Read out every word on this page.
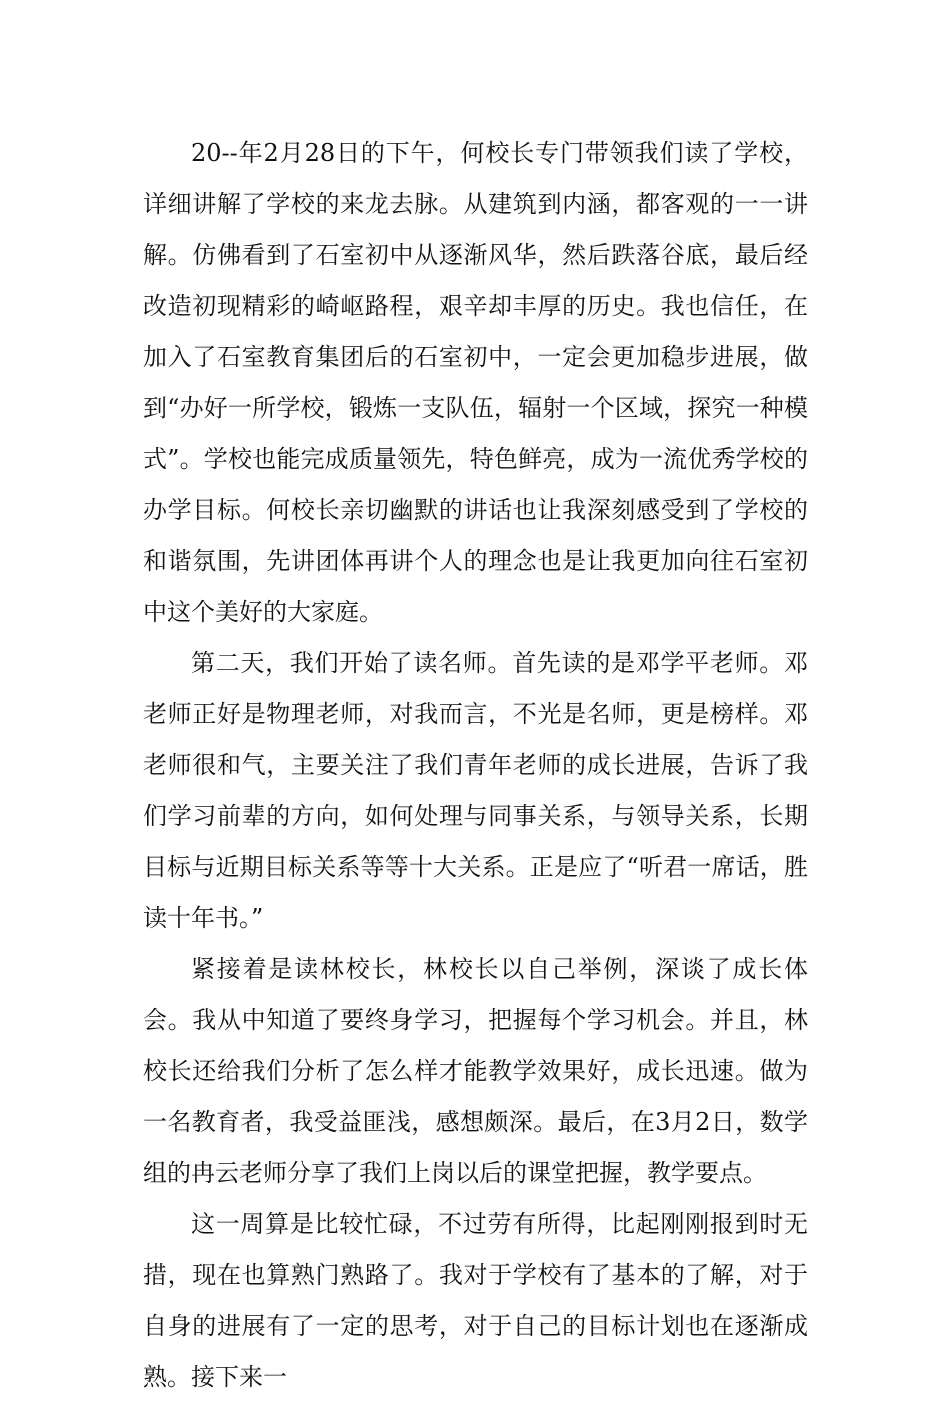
20--年2月28日的下午，何校长专门带领我们读了学校，详细讲解了学校的来龙去脉。从建筑到内涵，都客观的一一讲解。仿佛看到了石室初中从逐渐风华，然后跌落谷底，最后经改造初现精彩的崎岖路程，艰辛却丰厚的历史。我也信任，在加入了石室教育集团后的石室初中，一定会更加稳步进展，做到“办好一所学校，锻炼一支队伍，辐射一个区域，探究一种模式”。学校也能完成质量领先，特色鲜亮，成为一流优秀学校的办学目标。何校长亲切幽默的讲话也让我深刻感受到了学校的和谐氛围，先讲团体再讲个人的理念也是让我更加向往石室初中这个美好的大家庭。

第二天，我们开始了读名师。首先读的是邓学平老师。邓老师正好是物理老师，对我而言，不光是名师，更是榜样。邓老师很和气，主要关注了我们青年老师的成长进展，告诉了我们学习前辈的方向，如何处理与同事关系，与领导关系，长期目标与近期目标关系等等十大关系。正是应了“听君一席话，胜读十年书。”

紧接着是读林校长，林校长以自己举例，深谈了成长体会。我从中知道了要终身学习，把握每个学习机会。并且，林校长还给我们分析了怎么样才能教学效果好，成长迅速。做为一名教育者，我受益匪浅，感想颇深。最后，在3月2日，数学组的冉云老师分享了我们上岗以后的课堂把握，教学要点。

这一周算是比较忙碌，不过劳有所得，比起刚刚报到时无措，现在也算熟门熟路了。我对于学校有了基本的了解，对于自身的进展有了一定的思考，对于自己的目标计划也在逐渐成熟。接下来一
